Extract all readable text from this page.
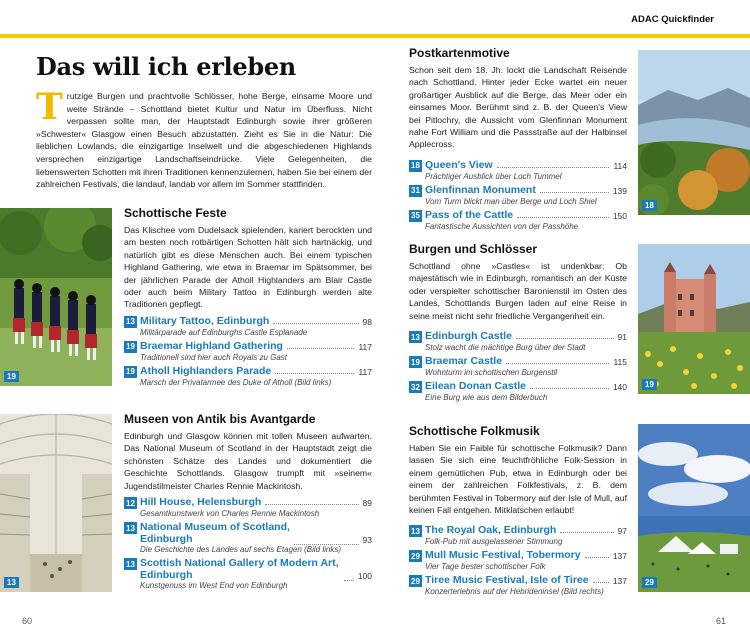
ADAC Quickfinder
Das will ich erleben
Trutzige Burgen und prachtvolle Schlösser, hohe Berge, einsame Moore und weite Strände – Schottland bietet Kultur und Natur im Überfluss. Nicht verpassen sollte man, der Hauptstadt Edinburgh sowie ihrer größeren »Schwester« Glasgow einen Besuch abzustatten. Zieht es Sie in die Natur: Die lieblichen Lowlands, die einzigartige Inselwelt und die abgeschiedenen Highlands versprechen einzigartige Landschaftseindrücke. Viele Gelegenheiten, die liebenswerten Schotten mit ihren Traditionen kennenzulernen, haben Sie bei einem der zahlreichen Festivals, die landauf, landab vor allem im Sommer stattfinden.
19
Schottische Feste
Das Klischee vom Dudelsack spielenden, kariert berockten und am besten noch rotbärtigen Schotten hält sich hartnäckig, und natürlich gibt es diese Menschen auch. Bei einem typischen Highland Gathering, wie etwa in Braemar im Spätsommer, bei der jährlichen Parade der Atholl Highlanders am Blair Castle oder auch beim Military Tattoo in Edinburgh werden alte Traditionen gepflegt.
13 Military Tattoo, Edinburgh	98
Militärparade auf Edinburghs Castle Esplanade
19 Braemar Highland Gathering	117
Traditionell sind hier auch Royals zu Gast
19 Atholl Highlanders Parade	117
Marsch der Privatarmee des Duke of Atholl (Bild links)
13
Museen von Antik bis Avantgarde
Edinburgh und Glasgow können mit tollen Museen aufwarten. Das National Museum of Scotland in der Hauptstadt zeigt die schönsten Schätze des Landes und dokumentiert die Geschichte Schottlands. Glasgow trumpft mit »seinem« Jugendstilmeister Charles Rennie Mackintosh.
12 Hill House, Helensburgh	89
Gesamtkunstwerk von Charles Rennie Mackintosh
13 National Museum of Scotland, Edinburgh	93
Die Geschichte des Landes auf sechs Etagen (Bild links)
13 Scottish National Gallery of Modern Art, Edinburgh	100
Kunstgenuss im West End von Edinburgh
Postkartenmotive
Schon seit dem 18. Jh. lockt die Landschaft Reisende nach Schottland. Hinter jeder Ecke wartet ein neuer großartiger Ausblick auf die Berge, das Meer oder ein einsames Moor. Berühmt sind z. B. der Queen's View bei Pitlochry, die Aussicht vom Glenfinnan Monument nahe Fort William und die Passstraße auf der Halbinsel Applecross.
18 Queen's View	114
Prächtiger Ausblick über Loch Tummel
31 Glenfinnan Monument	139
Vom Turm blickt man über Berge und Loch Shiel
35 Pass of the Cattle	150
Fantastische Aussichten von der Passhöhe
18
Burgen und Schlösser
Schottland ohne »Castles« ist undenkbar: Ob majestätisch wie in Edinburgh, romantisch an der Küste oder verspielter schottischer Baronienstil im Osten des Landes, Schottlands Burgen laden auf eine Reise in seine meist nicht sehr friedliche Vergangenheit ein.
13 Edinburgh Castle	91
Stolz wacht die mächtige Burg über der Stadt
19 Braemar Castle	115
Wohnturm im schottischen Burgenstil
32 Eilean Donan Castle	140
Eine Burg wie aus dem Bilderbuch
19
Schottische Folkmusik
Haben Sie ein Faible für schottische Folkmusik? Dann lassen Sie sich eine feuchtfröhliche Folk-Session in einem gemütlichen Pub, etwa in Edinburgh oder bei einem der zahlreichen Folkfestivals, z. B. dem berühmten Festival in Tobermory auf der Isle of Mull, auf keinen Fall entgehen. Mitklatschen erlaubt!
13 The Royal Oak, Edinburgh	97
Folk-Pub mit ausgelassener Stimmung
29 Mull Music Festival, Tobermory	137
Vier Tage bester schottischer Folk
29 Tiree Music Festival, Isle of Tiree	137
Konzerterlebnis auf der Hebrideninsel (Bild rechts)
29
60	61
